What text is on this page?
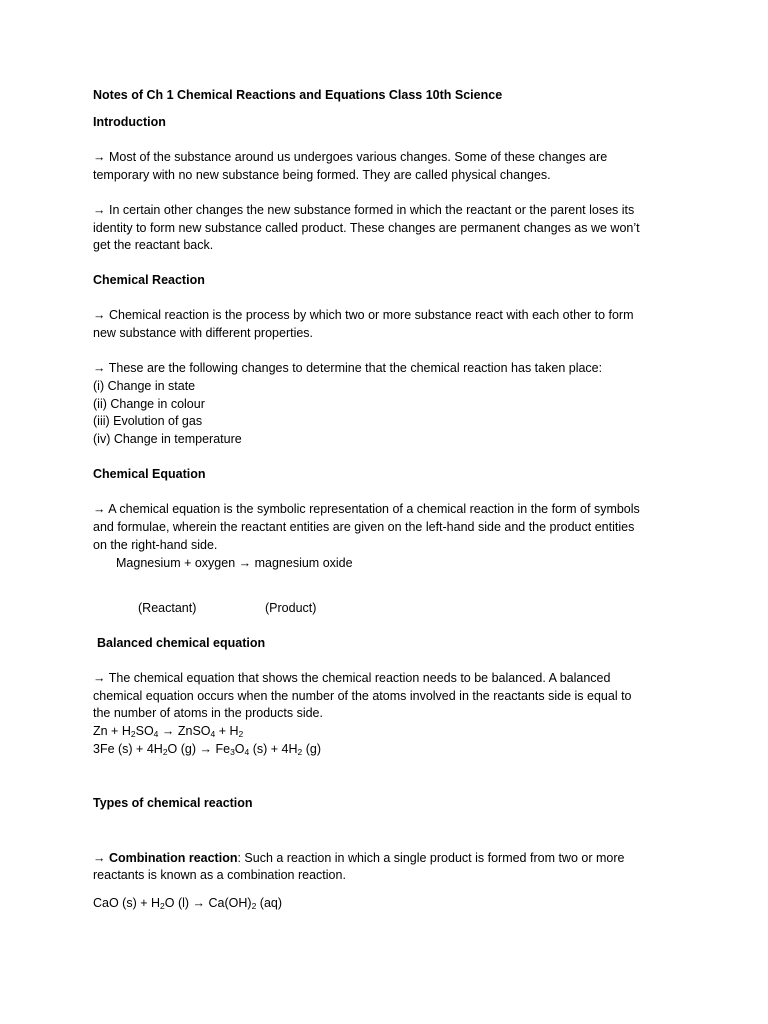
Notes of Ch 1 Chemical Reactions and Equations Class 10th Science
Introduction
→ Most of the substance around us undergoes various changes. Some of these changes are
temporary with no new substance being formed. They are called physical changes.
→ In certain other changes the new substance formed in which the reactant or the parent loses its
identity to form new substance called product. These changes are permanent changes as we won’t
get the reactant back.
Chemical Reaction
→ Chemical reaction is the process by which two or more substance react with each other to form
new substance with different properties.
→ These are the following changes to determine that the chemical reaction has taken place:
(i) Change in state
(ii) Change in colour
(iii) Evolution of gas
(iv) Change in temperature
Chemical Equation
→ A chemical equation is the symbolic representation of a chemical reaction in the form of symbols
and formulae, wherein the reactant entities are given on the left-hand side and the product entities
on the right-hand side.
Magnesium + oxygen → magnesium oxide
(Reactant)	(Product)
Balanced chemical equation
→ The chemical equation that shows the chemical reaction needs to be balanced. A balanced
chemical equation occurs when the number of the atoms involved in the reactants side is equal to
the number of atoms in the products side.
$Zn + H_2SO_4$ → ZnSO$_4$ + $H_2$
3Fe $(s) + 4H_2O$ $(g) \to Fe_3O_4$ $(s) + 4H_2$ (g)
Types of chemical reaction
→ Combination reaction: Such a reaction in which a single product is formed from two or more
reactants is known as a combination reaction.
CaO $(s) + H_2O$ $(l) \to Ca(OH)_2$ (aq)
